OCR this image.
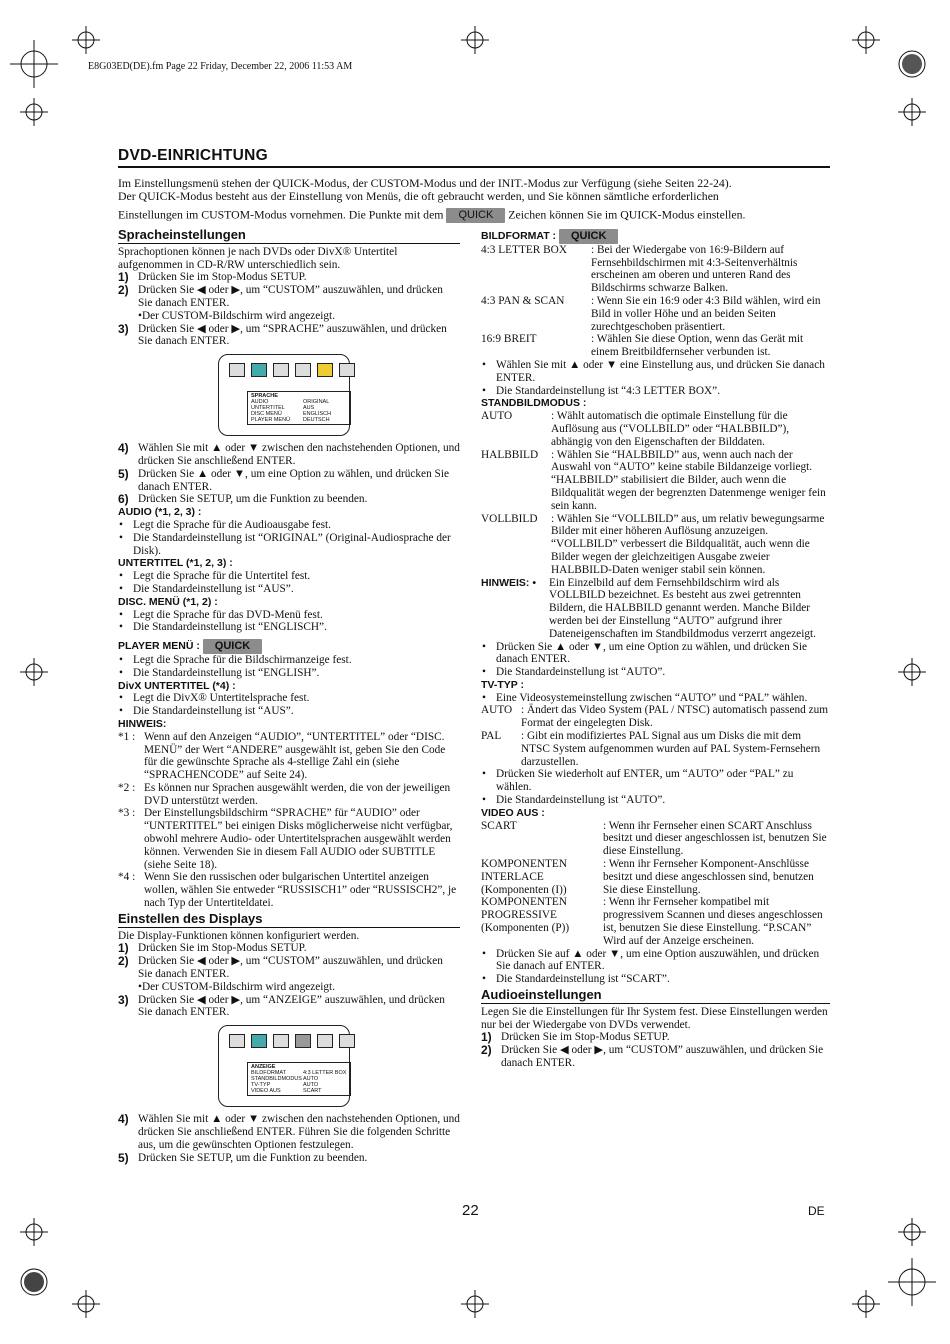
E8G03ED(DE).fm Page 22 Friday, December 22, 2006 11:53 AM
DVD-EINRICHTUNG
Im Einstellungsmenü stehen der QUICK-Modus, der CUSTOM-Modus und der INIT.-Modus zur Verfügung (siehe Seiten 22-24).
Der QUICK-Modus besteht aus der Einstellung von Menüs, die oft gebraucht werden, und Sie können sämtliche erforderlichen
Einstellungen im CUSTOM-Modus vornehmen. Die Punkte mit dem QUICK Zeichen können Sie im QUICK-Modus einstellen.
Spracheinstellungen

Sprachoptionen können je nach DVDs oder DivX® Untertitel aufgenommen in CD-R/RW unterschiedlich sein.

1) Drücken Sie im Stop-Modus SETUP.
2) Drücken Sie ◀ oder ▶, um “CUSTOM” auszuwählen, und drücken Sie danach ENTER.
•Der CUSTOM-Bildschirm wird angezeigt.
3) Drücken Sie ◀ oder ▶, um “SPRACHE” auszuwählen, und drücken Sie danach ENTER.
SPRACHE
AUDIO	ORIGINAL
UNTERTITEL	AUS
DISC MENÜ	ENGLISCH
PLAYER MENÜ	DEUTSCH
4) Wählen Sie mit ▲ oder ▼ zwischen den nachstehenden Optionen, und drücken Sie anschließend ENTER.
5) Drücken Sie ▲ oder ▼, um eine Option zu wählen, und drücken Sie danach ENTER.
6) Drücken Sie SETUP, um die Funktion zu beenden.

AUDIO (*1, 2, 3) :

• Legt die Sprache für die Audioausgabe fest.
• Die Standardeinstellung ist “ORIGINAL” (Original-Audiosprache der Disk).

UNTERTITEL (*1, 2, 3) :

• Legt die Sprache für die Untertitel fest.
• Die Standardeinstellung ist “AUS”.

DISC. MENÜ (*1, 2) :

• Legt die Sprache für das DVD-Menü fest.
• Die Standardeinstellung ist “ENGLISCH”.

PLAYER MENÜ : QUICK

• Legt die Sprache für die Bildschirmanzeige fest.
• Die Standardeinstellung ist “ENGLISH”.

DivX UNTERTITEL (*4) :

• Legt die DivX® Untertitelsprache fest.
• Die Standardeinstellung ist “AUS”.

HINWEIS:

*1 : Wenn auf den Anzeigen “AUDIO”, “UNTERTITEL” oder “DISC. MENÜ” der Wert “ANDERE” ausgewählt ist, geben Sie den Code für die gewünschte Sprache als 4-stellige Zahl ein (siehe “SPRACHENCODE” auf Seite 24).
*2 : Es können nur Sprachen ausgewählt werden, die von der jeweiligen DVD unterstützt werden.
*3 : Der Einstellungsbildschirm “SPRACHE” für “AUDIO” oder “UNTERTITEL” bei einigen Disks möglicherweise nicht verfügbar, obwohl mehrere Audio- oder Untertitelsprachen ausgewählt werden können. Verwenden Sie in diesem Fall AUDIO oder SUBTITLE (siehe Seite 18).
*4 : Wenn Sie den russischen oder bulgarischen Untertitel anzeigen wollen, wählen Sie entweder “RUSSISCH1” oder “RUSSISCH2”, je nach Typ der Untertiteldatei.
Einstellen des Displays

Die Display-Funktionen können konfiguriert werden.

1) Drücken Sie im Stop-Modus SETUP.
2) Drücken Sie ◀ oder ▶, um “CUSTOM” auszuwählen, und drücken Sie danach ENTER.
•Der CUSTOM-Bildschirm wird angezeigt.
3) Drücken Sie ◀ oder ▶, um “ANZEIGE” auszuwählen, und drücken Sie danach ENTER.
ANZEIGE
BILDFORMAT	4:3 LETTER BOX
STANDBILDMODUS AUTO
TV-TYP	AUTO
VIDEO AUS	SCART
4) Wählen Sie mit ▲ oder ▼ zwischen den nachstehenden Optionen, und drücken Sie anschließend ENTER. Führen Sie die folgenden Schritte aus, um die gewünschten Optionen festzulegen.
5) Drücken Sie SETUP, um die Funktion zu beenden.

BILDFORMAT : QUICK

4:3 LETTER BOX	: Bei der Wiedergabe von 16:9-Bildern auf Fernsehbildschirmen mit 4:3-Seitenverhältnis erscheinen am oberen und unteren Rand des Bildschirms schwarze Balken.
4:3 PAN & SCAN	: Wenn Sie ein 16:9 oder 4:3 Bild wählen, wird ein Bild in voller Höhe und an beiden Seiten zurechtgeschoben präsentiert.
16:9 BREIT	: Wählen Sie diese Option, wenn das Gerät mit einem Breitbildfernseher verbunden ist.
• Wählen Sie mit ▲ oder ▼ eine Einstellung aus, und drücken Sie danach ENTER.
• Die Standardeinstellung ist “4:3 LETTER BOX”.

STANDBILDMODUS :

AUTO	: Wählt automatisch die optimale Einstellung für die Auflösung aus (“VOLLBILD” oder “HALBBILD”), abhängig von den Eigenschaften der Bilddaten.
HALBBILD	: Wählen Sie “HALBBILD” aus, wenn auch nach der Auswahl von “AUTO” keine stabile Bildanzeige vorliegt. “HALBBILD” stabilisiert die Bilder, auch wenn die Bildqualität wegen der begrenzten Datenmenge weniger fein sein kann.
VOLLBILD	: Wählen Sie “VOLLBILD” aus, um relativ bewegungsarme Bilder mit einer höheren Auflösung anzuzeigen. “VOLLBILD” verbessert die Bildqualität, auch wenn die Bilder wegen der gleichzeitigen Ausgabe zweier HALBBILD-Daten weniger stabil sein können.
HINWEIS: •	Ein Einzelbild auf dem Fernsehbildschirm wird als VOLLBILD bezeichnet. Es besteht aus zwei getrennten Bildern, die HALBBILD genannt werden. Manche Bilder werden bei der Einstellung “AUTO” aufgrund ihrer Dateneigenschaften im Standbildmodus verzerrt angezeigt.
• Drücken Sie ▲ oder ▼, um eine Option zu wählen, und drücken Sie danach ENTER.
• Die Standardeinstellung ist “AUTO”.

TV-TYP :

• Eine Videosystemeinstellung zwischen “AUTO” und “PAL” wählen.
AUTO : Ändert das Video System (PAL / NTSC) automatisch passend zum Format der eingelegten Disk.
PAL	: Gibt ein modifiziertes PAL Signal aus um Disks die mit dem NTSC System aufgenommen wurden auf PAL System-Fernsehern darzustellen.
• Drücken Sie wiederholt auf ENTER, um “AUTO” oder “PAL” zu wählen.
• Die Standardeinstellung ist “AUTO”.

VIDEO AUS :

SCART	: Wenn ihr Fernseher einen SCART Anschluss besitzt und dieser angeschlossen ist, benutzen Sie diese Einstellung.
KOMPONENTEN INTERLACE (Komponenten (I))
: Wenn ihr Fernseher Komponent-Anschlüsse besitzt und diese angeschlossen sind, benutzen Sie diese Einstellung.
KOMPONENTEN PROGRESSIVE (Komponenten (P))
: Wenn ihr Fernseher kompatibel mit progressivem Scannen und dieses angeschlossen ist, benutzen Sie diese Einstellung. “P.SCAN” Wird auf der Anzeige erscheinen.
• Drücken Sie auf ▲ oder ▼, um eine Option auszuwählen, und drücken Sie danach auf ENTER.
• Die Standardeinstellung ist “SCART”.
Audioeinstellungen

Legen Sie die Einstellungen für Ihr System fest. Diese Einstellungen werden nur bei der Wiedergabe von DVDs verwendet.

1) Drücken Sie im Stop-Modus SETUP.
2) Drücken Sie ◀ oder ▶, um “CUSTOM” auszuwählen, und drücken Sie danach ENTER.
22	DE
